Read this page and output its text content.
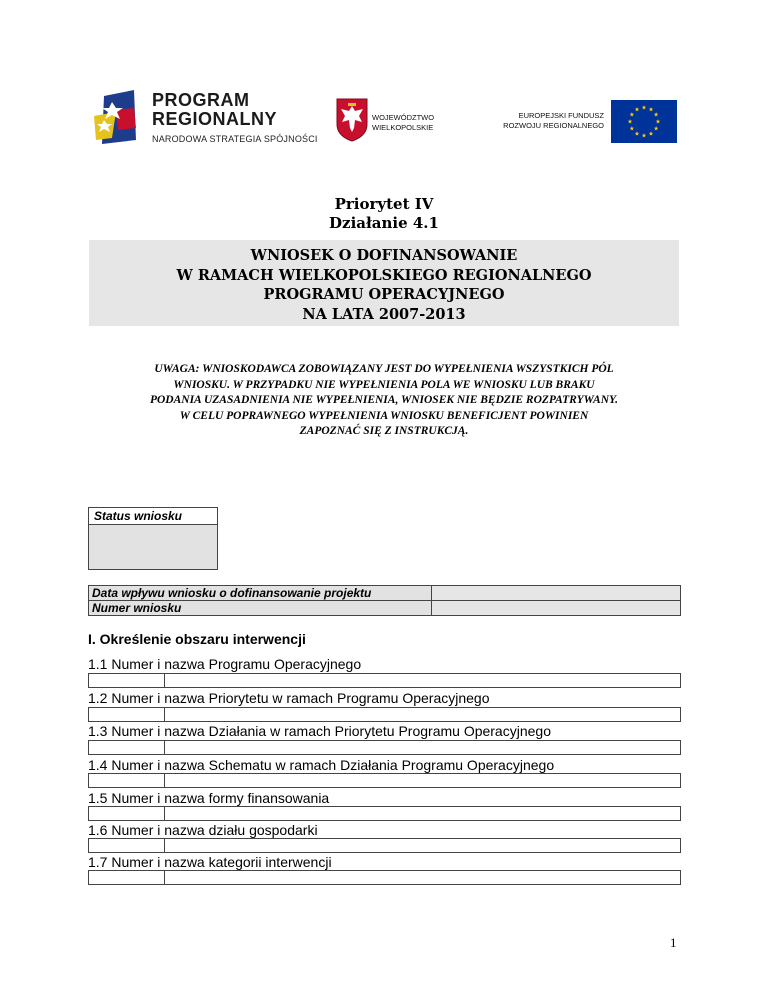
PROGRAM
REGIONALNY
NARODOWA STRATEGIA SPÓJNOŚCI
WOJEWÓDZTWO
WIELKOPOLSKIE
EUROPEJSKI FUNDUSZ
ROZWOJU REGIONALNEGO
Priorytet IV
Działanie 4.1
WNIOSEK O DOFINANSOWANIE
W RAMACH WIELKOPOLSKIEGO REGIONALNEGO
PROGRAMU OPERACYJNEGO
NA LATA 2007-2013
UWAGA: WNIOSKODAWCA ZOBOWIĄZANY JEST DO WYPEŁNIENIA WSZYSTKICH PÓL
WNIOSKU. W PRZYPADKU NIE WYPEŁNIENIA POLA WE WNIOSKU LUB BRAKU
PODANIA UZASADNIENIA NIE WYPEŁNIENIA, WNIOSEK NIE BĘDZIE ROZPATRYWANY.
W CELU POPRAWNEGO WYPEŁNIENIA WNIOSKU BENEFICJENT POWINIEN
ZAPOZNAĆ SIĘ Z INSTRUKCJĄ.
Status wniosku
Data wpływu wniosku o dofinansowanie projektu	
Numer wniosku	
I. Określenie obszaru interwencji
1.1 Numer i nazwa Programu Operacyjnego
1.2 Numer i nazwa Priorytetu w ramach Programu Operacyjnego
1.3 Numer i nazwa Działania w ramach Priorytetu Programu Operacyjnego
1.4 Numer i nazwa Schematu w ramach Działania Programu Operacyjnego
1.5 Numer i nazwa formy finansowania
1.6 Numer i nazwa działu gospodarki
1.7 Numer i nazwa kategorii interwencji
1
